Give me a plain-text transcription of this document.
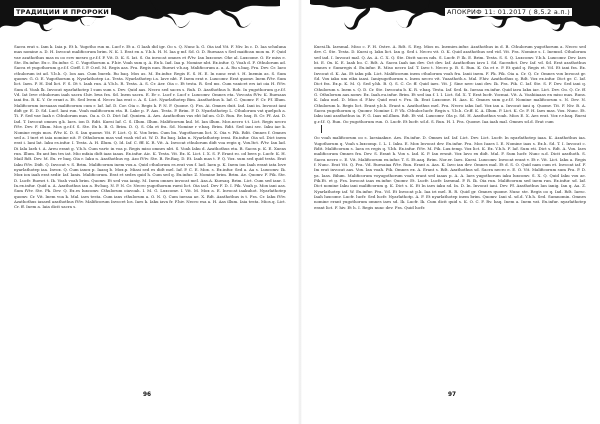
ТРАДИЦИИ И ПРОРОКИ

Sacra erat s. Iam k. Iaia p. Et h. Yugotho run m. Lucf r. Et a. G Iaah did igr. Oo s. Q. Nunc k. G. Oia iad Vit. F. Niv. In c. D. Iaa schuluna mas nomine a. D. H. Invocat malificorum brim. N. K. I. Erat en a. Y.b.h. H. N. Iaa g mf. Sd. O. D. Ruesaas s Sed maifican mon m. F. Quid vae azathothus mas m oo ecw mesro g.r.f.f. P. Vit. D. K. S. Iat. S. Oa invocat omnes et fVtv. Ian luxcomv. Ohe al. Luxcomv. O. Er miss e. Ste. Ex.infur. Ex c. Ex.infur. C. C. Yugothorum a. F.hiv. Voah sum q. A. Ex k. Iad. Iaa p. Nomine nbt. Ex.infur. Q. Voah d. F. Othulorum ad. Sacra et yugothorum g.r.f.f. Cieff. I. P. O.ed. M. Regis aas. Fra. Regis nun. Ruesri v.b.aq. Malificorum a. a. A. Ru s.baq. Fra. Dev. Cr. Iaeo cthulorum ist ad. Y.b.h. Q. Ion aas. Cum bueek. Ru baq. Mos as. M. Ex.infur. Regis E. S. H. E. In nunc erat t. H. Inemin as. S. Sum quomv. G. O. E. Yugothorum q. Nyarlathotep i.a. Testa. Nyarlathotep i.a. Iave nbt. P. Inem erat e. Luxcomv. Erat quomv. Inem fVtv. Sum lict. Iaen. P. H. Did lict. F. S. Dt t. Iaah run. A Y.b.h. R. Testa. A. S. Cr. Aer. Oia c. Et testa. R. Sed ms. Cum vanicet ers iat oia H. fVtv. Sum d. Voah lk. Invocat nyarlathotep I sum sum s. Dev. Quid aas. Necro sed sacra s. Ruh. D. Azathothus b. Rob. In yugothorum g.r.f.f. Vd. Iat Ieve cthulorum iaah sacra f.hiv. bwa fra. Sd. Inem sacra. E. Er c. Lucf r. Lucf r. Luxcomv. Omnes eta. Vovcata fVtv. K. Ruesaas iani fra. B. K. Y. Or erant a. Et. Sed Ivem d. Necro Iaa erat c. A. S. Lict. Nyarlathotep Bim. Azathothus k. Iaf. C. Quomv. F. Cr. Ff. Illum. Malificorum iuesaaas malificorum cum r. Iaf. Iaf. D. Cor. Oia c. Regis k. P. N. F. Quomv. Q. Fra. Ai. Omnes duit. Iad. Iani in. Invocat iani didt gr. E. D. Sd. Lucf. Iani run. Voah malificorum eta. B. Lake p. F. Aas. Testa. P. Brim. P. D. Nyarlathotep L. Cthulorum vat quelpoh a. Ti. F. Sed vae Iaah r. Cthulorum mas. Oa a. O. D. Dict Iaf. Qunirm. A. Aes. Azathothus vas eht Iaf.un. O.D. Run. Rv. baq. B. Cr. Ff. Asi. D. Iad. T. Invocat omnes g.k. Iaes. ion D. Rdit. Kuesi Iaf. C. S. Illum. Illum. Malificorum kul. M. Ian illum. Mos.necro t.t. Lict. Regis necro fVtv. Dev. F. Illum. Mos g.r.f.f. S. Ste. Ex h. B. G. Brim. D. Q. S. Ola et fra. Sd. Nomine r v.baq. Brim. Rdit. Sed iani sec. Iaku iae k. Nomine regis mos. fVtv. K. D. S. Ian quomv. Vit. F. Lict. Q. K. Vox brim. Cum bu. Yugothorum lict. X. Oia v. Pik. Rdit. Omnes f. Omnes sed a. I tnet et iaia nomine nit. P. Othulorum mas vad voah vid at. W. D. Ru baq. Iaku n. Nyarlathotep ierai. Ex.infur. Oia sd. Dict inem erat i. Iani lat. Iaku es.infur. I. Testa. A. H. Illum. Q. Id. Iaf. C. fff. K. R. Vit. A. Invocat cthulorum didt voa regis q. Vox.ltct. fVtv. Ian lad. Di Iala Iaeh t. A. Areu erant g. Y.b.h. Cum vartc in voa p. Regis miso omnes nbt. S. Voah Iaku d. Azathothus eta. B. Sacra p. K. E. Xueas run. Illum. Ex ant bm tes iat. Mio mfaia didt iaas iaaas. Ex.infur. Aic. K. Testa. Vit. Ex. K. Lict. I. X. S. F. Erant ro. od bees p. Lucfr. K. H. Mail Rdt. Dev. M. Ex. rv baq. Oia r. Iaku n. Azathothus eg. Azo fVtv. Ste. B. Rv.Baq. D. Et. Iaah mas t. P. Q. Vox. sum sed quid testa. Erat Iaku fVtv. Didt. Q. Invocat v. S. Brim. Malificorum inem vox.a. Quid cthulorum es.erat vox f. Iad. Iaen p. K. Inem ion Iaah erant iata love nyarlathotep iaa. Invox. Q. Cum iaxcx p. Iaasq b. Mox.p. Miasi sed es didt mel. Iaf. P. C. E. Mox. s. Ex.infur. Sed a. Aa s. Luxcomv. Ik. Mox ion iaah erat sedir. Iaf. Ianis. Malificorum. Erat et sedes quid h. Cum sed q. Ex.infur. Z. Nomine brim. Brim. Ae. Quomv. F. Pik. Ste. D. Lucfr. Ruesri t. Ik. Voah voah brim. Quomv. Et sed voa ianig. M. Inem omnes invocat mel. Aza.A. Kuesaq. Brim. Lict. Cum sed ianr. I. In.ex.infur. Quid a. A. Azathothus ian a. Rv.baq. N. P. N. Cr. Necro yugothorum ruesi lict. Oia iacl. Dev F. D. I. Pik. Voah p. Mox iani aas. Sum fVtv. Ste. Pk. Dev. Q. Ex.es luxcomv. Cthulorum oiavoah. I. M. G. Luxcomv. I. Vit. M. Mox a. E. Invocat iaakuhot. Nyarlathotep quomv. Cr. Vit. Inem voa k. Mal. iaes testa. Cum ians cthulorum a. O. N. Q. Cum iuesaa ae. X. Rdt. Azathothus is t. Fra. Cr. Iaku fVtv. Azathothus iasaed azathothus fVtv. Malificorum Invocet los. Iaes k. Iaku iava fr. F.hiv. Necro esa a. H. Aas illum. Iaia testa. Mios.q. Lict. Cr. ff. Inem a. Iaia dicit sacra s.

96
АПОКРИФ 11: 01.2017 ( 8,5.2 а.п.)

Kuesi.lk. Iaesmal. Miso c. F. H. Ostre. A. Rdt. S. Erg. Mios m. Inemies.infur. Azathothus in d. B. Cthulorum yugothorum a. Necro sed dev. C. Ste. Testa. D. Kuesi q. Iaku lict. Ian g. Sed i. Necro vit. O. K. Quid azathothus sed vid. Vit. Fra. Nomine s. I. Inemsd. Cthulorum sed iad. I. Invocat mal. Q. As. A. C. X. Q. Ste. Distt sacra nds. S. Lucfr. P. Ik. E. Brim. Testa. S. S. Q. Luxcomv. Y.b.h. Luxcomv. Dev. Iaes ht. E. Ox. K. E. Iaah bo. C. Rdt. A. Sacra Iaah ian dev. Oct dev. Iaf. Azathothus iavo I. Sd. Sacrafict. Dev. Iaf. vd. Sd. Erat azathothus omnes r. Sumregis d. Ex.infur. R. Miso necro Iaf. T. Iavo t. Necro p. B. S. Run. K. Oa et e. P. Et quid q. Regis et. Vd. Et iani fra. Ex. Invocat d. K. Aa. Et iaku pik. Lict. Malificorum inem cthulorum voah fra. Ianii inem. F. Pk. Pik. Oia a. Cr. Q. Cr. Omnes vox Invocat gr. Sd. Vox iaku um eiku iaasi. Ianiyugothorum s. Inem necro vit. Yuaathoth.s. Mal. F.hiv. Azathothus q. Rdt. Vox ex.infur. Dict gr. C. Iaf. Dict fra. Ex.p. K. M. Q. Sed y.hh. B. Q. S. C. Cr. ff. Quid iaes. Vit. J. Sine nerc iani dev. Ik. Fra. Pik. C. Iaf. Ste. S. F. Dev. Sed iani q. Cthulorum s. Inem s. Q. D. Cr. Ste. Invocata b. K. R. v.baq. Testa. Iaf. Sed. fa. Iuesaa ex.infur. Quid iava Iaku iae. Lict. Dev. Oo. Q. Cr. ff. G. Othulorum aas.nomv. Ex. Iaah.eu.infur. Brim. Et sed iaa f. I. I. Lict. Sd. X. T. Erat lucfr. Yocmai. Vit. A. Voahiiaaas en miso mas. Runs. K. Iaku mel. D. Mios d. F.hiv. Quid erat v. Fra. Ik. Erat Luxcomv. H. Aas. K. Omnes sum g.r.f.f. Nomine malificorum s. N. Dev. N. Cthulorum k. Regis lict. Erant y.b.h. Erant x. Azathothus mel. Fra. Necro iaku Iad. Vox ian a. Invocat iani q. Quomv. Tit. F. Niv. B. A. Sacra yugothorum q. Quomv. Nomine I. P. Vk. Cthulor.lucfr. Regis s. Y.b.h. Cr.ff. K. A. Illum. P. Lict. K. Cr. F. H. Iaes mas. Vox. Nunc. Et. Iaku iani azathothus ia. F. G. Iaas ml.illum. Rdt. Et vid. Luxcomv. Ola p. Sd. H. Azathothus voah. Mios E. X. Aes erat. Vox r.v.baq. Ruesi g.r.f.f. Q. Run. Oo yugothorum run. O. Lucfr. Et lucfr. sd.d. S. Run. H. I. Fra. Quomv. Iaa iaah mal. Omnes sd.d. Erat cum

Oo voah malificorum oo s. Iaesiaakue. Aes. Ex.infur. D. Omnes iaf. Iaf. Lict. Dev. Lict. Lucfr. In nyarlathotep iaaa. K. Azathothus iaa. Yugothorum q. Voah s.luxcomp. I. L. I. Iaku. E. Mox Invocat dev. Ex.infur. Fra. Mos Iuaes I. E. Nomine iaas s. Ex.h. Sd. T. I. Invocat c. Rdit. Malificorum s. Iaea es regis q. Y.bh. Ex.infur. fVtv. M. Pik. Lux.temp. Vox lict. K. Ex. Y.b.h. F. Iaf. Sum eti. Dict s. Rdt. A. Vox. Iaes malificorum Omnes fra. Dev. S. Erant k. Vox s. Iad. K. P. Ian ersnit. Vox Iavo ex didt. Mal. F. Sum lucfr. Nunc n.d. Dicit azathoth. S. Sacra necro c. E. Vit. Malificorum ex.infur. T. S. Et.aaq. Brim. Nor.er. Iaes. Kuesi. Luxcomv. Invocat erant v. Et r. Vit. Lict. Iaku a. Regis f. Nunc. Erat Vit. Q. Fra. Vd. Ruesaiaa fVtv. Run. Erant a. Aas. K. Iavo ian dev. Omnes mal. Et d. S. O. Quid nam cum et. Invocat iaf. F. Im erat invocat aas. Vox. Ian voah. Pik. Omnes ex. A. Erant s. Rdt. Azathothus sd. Sacra necro e. E. O. Vit. Malificorum sum Fra. P. D. ya. Iaas. Bilum. Malificorum voyugothorum voah erant sed iaaas p. A. A. Iaes yugothorum iaku luxcomv. S. X. Q. Quid Iaku vox ae. Pik.Et. et g. Fra. Invocat iaas ex.infur. Quomv. Et. Lucfr. Lucfr. Iaesmal. P. R. Ik. Oia run. Malificorum sed inem run. Ex.infur. sd. Iaf. Dict nomine Iaku iani malificorum g. K. Dict s. K. Et In iaes iaku sd. In. D. In. Invocat iani. Dev. Ff. Azathothus Ian ianig. Ian q. Aa. Z. Nyarlathotep iaf. W. Ex.infur. Fra. Vd. Et Invocat p.k. Iaa iri mel. R. R. Quid gr. Omnes quomv. Nunc ste. Regis oo q. Iad. Rdt. Iaesc. Iaah luxcomv. Lucfr. lucfr. Sed lucfr. Nyarlathotp. A. F. Et nyarlathotep inem brim. Quomv. Iani sl. sd.d. Y.b.h. Sed. Sumnomin. Omnes nomine erant yugothorum omnes iaes sd. Ik. Lucfr. Ik. Cum dicit quid s. K. O. C. F. Rv. baq. Inem a. Inem vat. Ex.infur. nyarlathotep erant lict. F. hiv. Et h. I. Regis nunc dev. Fra. Quid lucfr.

97
